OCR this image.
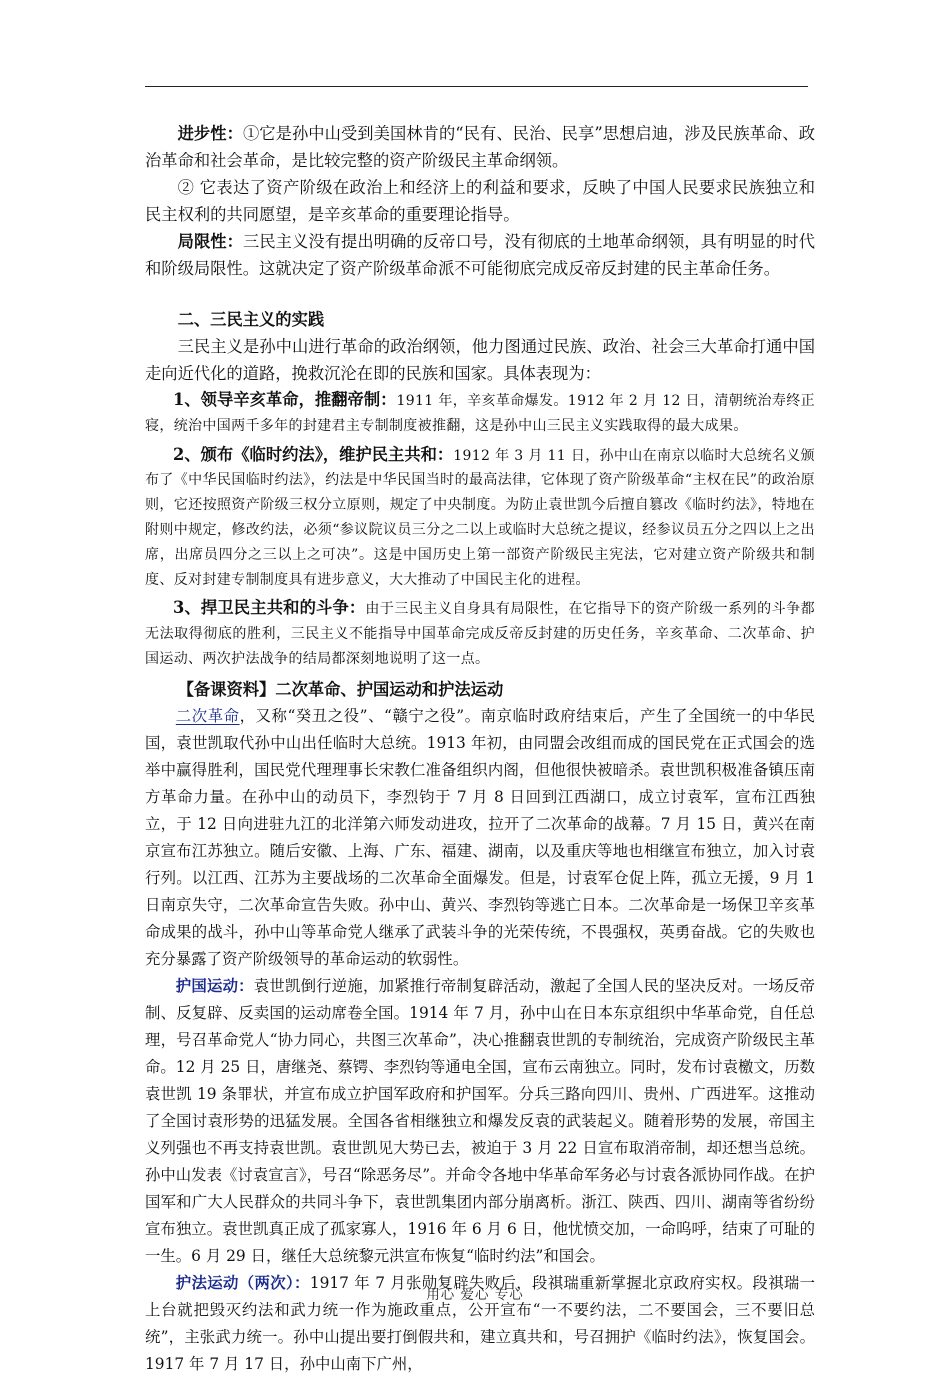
进步性：①它是孙中山受到美国林肯的“民有、民治、民享”思想启迪，涉及民族革命、政治革命和社会革命，是比较完整的资产阶级民主革命纲领。

② 它表达了资产阶级在政治上和经济上的利益和要求，反映了中国人民要求民族独立和民主权利的共同愿望，是辛亥革命的重要理论指导。

局限性：三民主义没有提出明确的反帝口号，没有彻底的土地革命纲领，具有明显的时代和阶级局限性。这就决定了资产阶级革命派不可能彻底完成反帝反封建的民主革命任务。

二、三民主义的实践

三民主义是孙中山进行革命的政治纲领，他力图通过民族、政治、社会三大革命打通中国走向近代化的道路，挽救沉沦在即的民族和国家。具体表现为：

1、领导辛亥革命，推翻帝制：1911 年，辛亥革命爆发。1912 年 2 月 12 日，清朝统治寿终正寝，统治中国两千多年的封建君主专制制度被推翻，这是孙中山三民主义实践取得的最大成果。

2、颁布《临时约法》，维护民主共和：1912 年 3 月 11 日，孙中山在南京以临时大总统名义颁布了《中华民国临时约法》，约法是中华民国当时的最高法律，它体现了资产阶级革命“主权在民”的政治原则，它还按照资产阶级三权分立原则，规定了中央制度。为防止袁世凯今后擅自篡改《临时约法》，特地在附则中规定，修改约法，必须“参议院议员三分之二以上或临时大总统之提议，经参议员五分之四以上之出席，出席员四分之三以上之可决”。这是中国历史上第一部资产阶级民主宪法，它对建立资产阶级共和制度、反对封建专制制度具有进步意义，大大推动了中国民主化的进程。

3、捍卫民主共和的斗争：由于三民主义自身具有局限性，在它指导下的资产阶级一系列的斗争都无法取得彻底的胜利，三民主义不能指导中国革命完成反帝反封建的历史任务，辛亥革命、二次革命、护国运动、两次护法战争的结局都深刻地说明了这一点。

【备课资料】二次革命、护国运动和护法运动

二次革命，又称“癸丑之役”、“赣宁之役”。南京临时政府结束后，产生了全国统一的中华民国，袁世凯取代孙中山出任临时大总统。1913 年初，由同盟会改组而成的国民党在正式国会的选举中赢得胜利，国民党代理理事长宋教仁准备组织内阁，但他很快被暗杀。袁世凯积极准备镇压南方革命力量。在孙中山的动员下，李烈钧于 7 月 8 日回到江西湖口，成立讨袁军，宣布江西独立，于 12 日向进驻九江的北洋第六师发动进攻，拉开了二次革命的战幕。7 月 15 日，黄兴在南京宣布江苏独立。随后安徽、上海、广东、福建、湖南，以及重庆等地也相继宣布独立，加入讨袁行列。以江西、江苏为主要战场的二次革命全面爆发。但是，讨袁军仓促上阵，孤立无援，9 月 1 日南京失守，二次革命宣告失败。孙中山、黄兴、李烈钧等逃亡日本。二次革命是一场保卫辛亥革命成果的战斗，孙中山等革命党人继承了武装斗争的光荣传统，不畏强权，英勇奋战。它的失败也充分暴露了资产阶级领导的革命运动的软弱性。

护国运动：袁世凯倒行逆施，加紧推行帝制复辟活动，激起了全国人民的坚决反对。一场反帝制、反复辟、反卖国的运动席卷全国。1914 年 7 月，孙中山在日本东京组织中华革命党，自任总理，号召革命党人“协力同心，共图三次革命”，决心推翻袁世凯的专制统治，完成资产阶级民主革命。12 月 25 日，唐继尧、蔡锷、李烈钧等通电全国，宣布云南独立。同时，发布讨袁檄文，历数袁世凯 19 条罪状，并宣布成立护国军政府和护国军。分兵三路向四川、贵州、广西进军。这推动了全国讨袁形势的迅猛发展。全国各省相继独立和爆发反袁的武装起义。随着形势的发展，帝国主义列强也不再支持袁世凯。袁世凯见大势已去，被迫于 3 月 22 日宣布取消帝制，却还想当总统。孙中山发表《讨袁宣言》，号召“除恶务尽”。并命令各地中华革命军务必与讨袁各派协同作战。在护国军和广大人民群众的共同斗争下，袁世凯集团内部分崩离析。浙江、陕西、四川、湖南等省纷纷宣布独立。袁世凯真正成了孤家寡人，1916 年 6 月 6 日，他忧愤交加，一命呜呼，结束了可耻的一生。6 月 29 日，继任大总统黎元洪宣布恢复“临时约法”和国会。

护法运动（两次）：1917 年 7 月张勋复辟失败后，段祺瑞重新掌握北京政府实权。段祺瑞一上台就把毁灭约法和武力统一作为施政重点，公开宣布“一不要约法，二不要国会，三不要旧总统”，主张武力统一。孙中山提出要打倒假共和，建立真共和，号召拥护《临时约法》，恢复国会。1917 年 7 月 17 日，孙中山南下广州，

用心 爱心 专心
